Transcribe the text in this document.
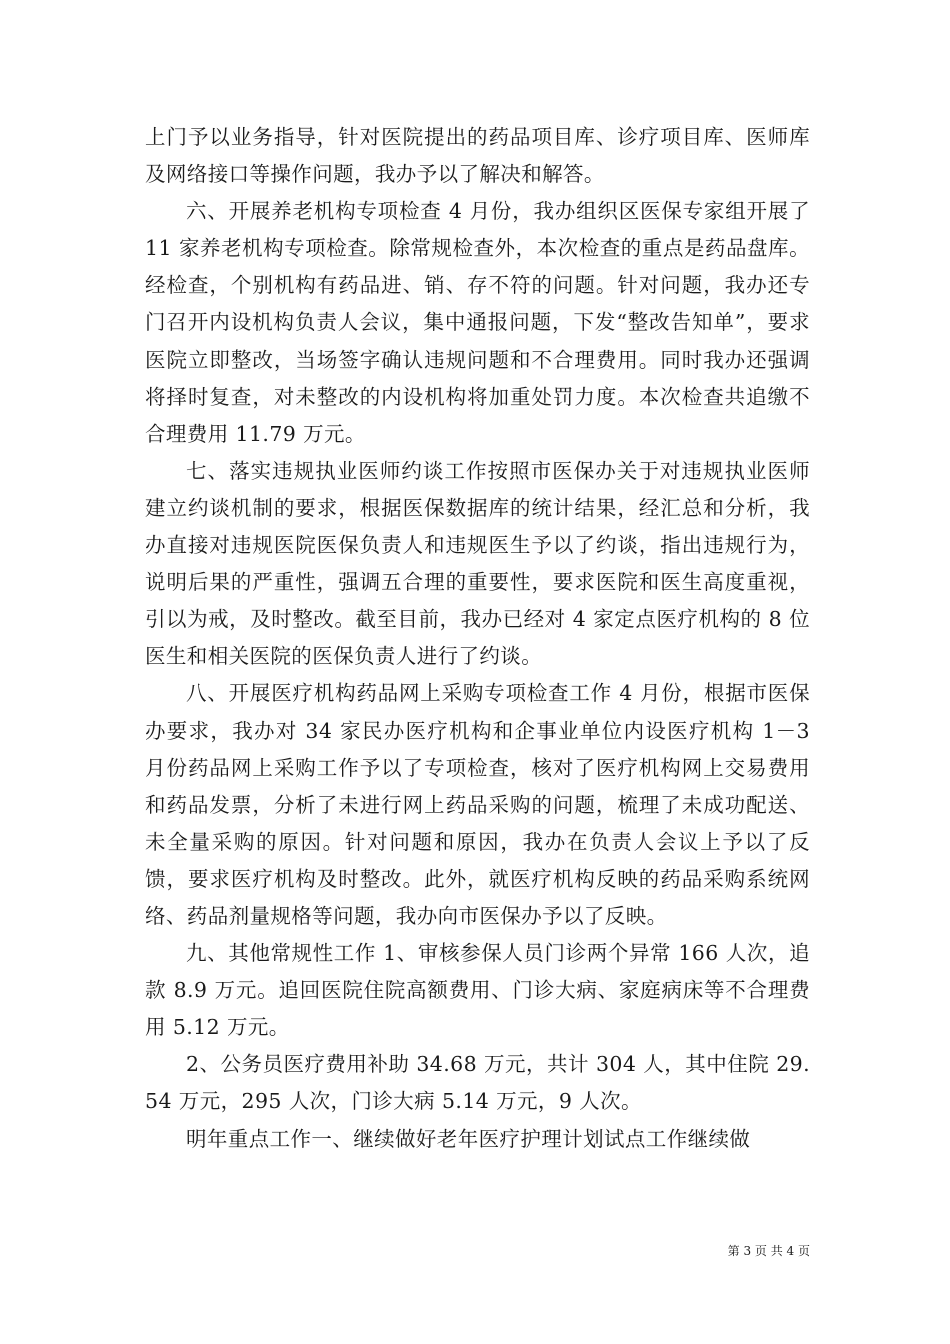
上门予以业务指导，针对医院提出的药品项目库、诊疗项目库、医师库及网络接口等操作问题，我办予以了解决和解答。

六、开展养老机构专项检查 4 月份，我办组织区医保专家组开展了 11 家养老机构专项检查。除常规检查外，本次检查的重点是药品盘库。经检查，个别机构有药品进、销、存不符的问题。针对问题，我办还专门召开内设机构负责人会议，集中通报问题，下发“整改告知单”，要求医院立即整改，当场签字确认违规问题和不合理费用。同时我办还强调将择时复查，对未整改的内设机构将加重处罚力度。本次检查共追缴不合理费用 11.79 万元。

七、落实违规执业医师约谈工作按照市医保办关于对违规执业医师建立约谈机制的要求，根据医保数据库的统计结果，经汇总和分析，我办直接对违规医院医保负责人和违规医生予以了约谈，指出违规行为，说明后果的严重性，强调五合理的重要性，要求医院和医生高度重视，引以为戒，及时整改。截至目前，我办已经对 4 家定点医疗机构的 8 位医生和相关医院的医保负责人进行了约谈。

八、开展医疗机构药品网上采购专项检查工作 4 月份，根据市医保办要求，我办对 34 家民办医疗机构和企事业单位内设医疗机构 1－3 月份药品网上采购工作予以了专项检查，核对了医疗机构网上交易费用和药品发票，分析了未进行网上药品采购的问题，梳理了未成功配送、未全量采购的原因。针对问题和原因，我办在负责人会议上予以了反馈，要求医疗机构及时整改。此外，就医疗机构反映的药品采购系统网络、药品剂量规格等问题，我办向市医保办予以了反映。

九、其他常规性工作 1、审核参保人员门诊两个异常 166 人次，追款 8.9 万元。追回医院住院高额费用、门诊大病、家庭病床等不合理费用 5.12 万元。

2、公务员医疗费用补助 34.68 万元，共计 304 人，其中住院 29.54 万元，295 人次，门诊大病 5.14 万元，9 人次。

明年重点工作一、继续做好老年医疗护理计划试点工作继续做

第 3 页 共 4 页
